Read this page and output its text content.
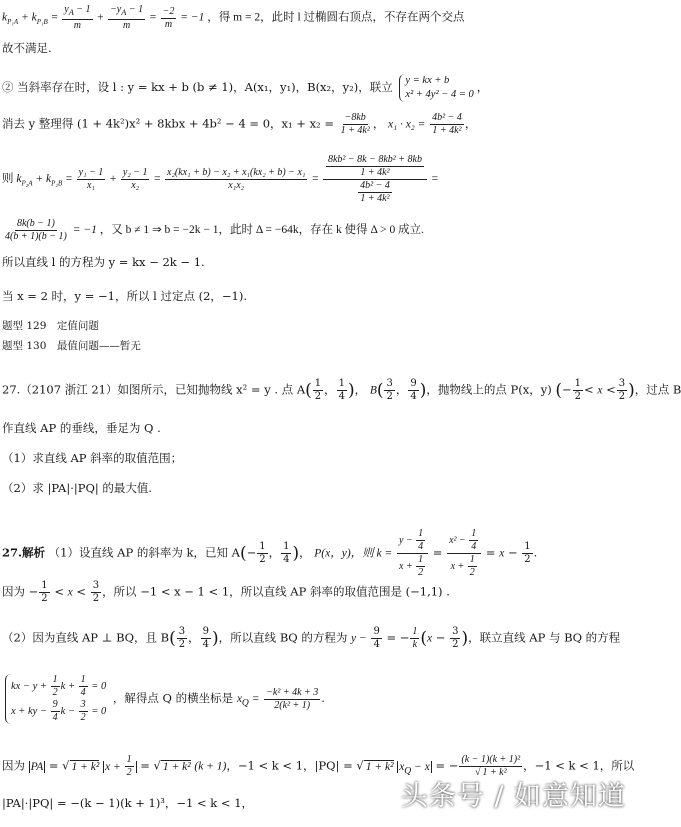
$k_{P_1A} + k_{P_1B} = \frac{y_A - 1}{m} + \frac{-y_A - 1}{m} = \frac{-2}{m} = -1$ ，得 m = 2，此时 l 过椭圆右顶点，不存在两个交点
故不满足.
② 当斜率存在时，设 l : y = kx + b (b ≠ 1)，A(x₁，y₁)，B(x₂，y₂)，联立 y = kx + b
x² + 4y² − 4 = 0
，
消去 y 整理得 (1 + 4k²)x² + 8kbx + 4b² − 4 = 0，$x_1 + x_2 = \frac{-8kb}{\text{1 + 4k²}}$ ， $x_1 \cdot x_2 = \frac{\text{4b² − 4}}{\text{1 + 4k²}}$ ，
则 $k_{P_2A} + k_{P_2B} = \frac{\text{y₁ − 1}}{\text{x₁}} + \frac{\text{y₂ − 1}}{\text{x₂}} = \frac{\text{x₂(kx₁ + b) − x₂ + x₁(kx₂ + b) − x₁}}{\text{x₁x₂}} = \frac{\frac{\text{8kb² − 8k − 8kb² + 8kb}}{\text{1 + 4k²}}}{\frac{\text{4b² − 4}}{\text{1 + 4k²}}}$ =
$\frac{8k(b - 1)}{4(b + 1)(b - 1)} = -1$ ，又 b ≠ 1 ⇒ b = −2k − 1，此时 Δ = −64k，存在 k 使得 Δ > 0 成立.
所以直线 l 的方程为 y = kx − 2k − 1.
当 x = 2 时，y = −1，所以 l 过定点 (2，−1).
题型 129　定值问题
题型 130　最值问题——暂无
27.（2107 浙江 21）如图所示，已知抛物线 x² = y . 点 $A( \frac{1}{2}$ ， $\frac{1}{4}$ )， $B( \frac{3}{2}$ ， $\frac{9}{4}$ )，抛物线上的点 P(x，y) (− $\frac{1}{2} < x < \frac{3}{2}$ )，过点 B
作直线 AP 的垂线，垂足为 Q .
（1）求直线 AP 斜率的取值范围；
（2）求 |PA|·|PQ| 的最大值.
27.解析 （1）设直线 AP 的斜率为 k，已知 $A(- \frac{1}{2}$ ， $\frac{1}{4}$ )， P(x，y)，则 $k = \frac{y - \frac{1}{4}}{x + \frac{1}{2}} = \frac{x^2 - \frac{1}{4}}{x + \frac{1}{2}} = x - \frac{1}{2}$ .
因为 − $\frac{1}{2} < x < \frac{3}{2}$ ，所以 −1 < x − 1 < 1，所以直线 AP 斜率的取值范围是 (−1,1) .
（2）因为直线 AP ⊥ BQ，且 $B( \frac{3}{2}$ ， $\frac{9}{4}$ )，所以直线 BQ 的方程为 $y - \frac{9}{4}$ = − $\frac{1}{k} (x - \frac{3}{2}$ )，联立直线 AP 与 BQ 的方程
kx − $y + \frac{1}{2}$ $k + \frac{1}{4} = 0$
x + ky − $\frac{9}{4}$ $k - \frac{3}{2} = 0$
，解得点 Q 的横坐标是 $x_Q = \frac{\text{−k² + 4k + 3}}{\text{2(k² + 1)}}$ .
因为 PA = √ 1 + k² $x + \frac{1}{2}$ = √ 1 + k² (k + 1)，−1 < k < 1，|PQ| = √ 1 + k² $x_Q - x$ = − $\frac{\text{(k − 1)(k + 1)²}}{\text{√ 1 + k²}}$ ，−1 < k < 1，所以
|PA|·|PQ| = −(k − 1)(k + 1)³，−1 < k < 1，	头条号 / 如意知道
